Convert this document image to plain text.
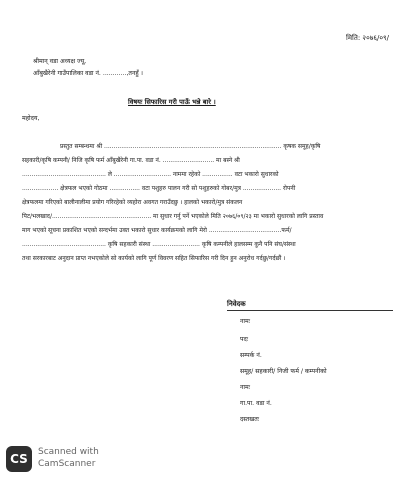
मिति: २०७६/०९/
श्रीमान् वडा अध्यक्ष ज्यू,
आँबुखैरेनी गाउँपालिका वडा नं. ............,तनहुँ ।
विषयः सिफारिस गरी पाऊँ भन्ने बारे ।
महोदय,
प्रस्तुत सम्बन्धमा श्री ............................................................................................. कृषक समूह/कृषि
सहकारी/कृषि कम्पनी/ निजि कृषि फर्म आँबुखैरेनी गा.पा. वडा नं. ........................... मा बस्ने श्री
............................................ ले .............................. नाममा रहेको ................ वटा भकारो सुधारको
................... क्षेत्रफल भएको गोठमा ................ वटा पशुहरु पालन गरी सो पशुहरुको गोबर/मुत्र .................... रोपनी
क्षेत्रफलमा गरिएको बालीनालीमा प्रयोग गरिरहेको व्यहोरा अवगत गराउँदछु । हालको भकारो/मुत्र संकलन
पिट/भलखाद/.................................................... मा सुधार गर्नु पर्ने भएकोले मिति २०७६/०९/२३ मा भकारो सुधारको लागि प्रस्ताव
माग भएको सूचना प्रकाशित भएको सन्दर्भमा उक्त भकारो सुधार कार्यक्रमको लागि मेरो ......................................फर्म/
............................................ कृषि सहकारी संस्था ......................... कृषि कम्पनीले हालसम्म कुनै पनि संघ/संस्था
तथा सरकारबाट अनुदान प्राप्त नभएकोले सो कार्यको लागि पूर्ण विवरण सहित सिफारिस गरी दिन हुन अनुरोध गर्दछु/गर्दछौं ।
निवेदक
नामः
पदः
सम्पर्क नं.
समूह/ सहकारी/ निजी फर्म / कम्पनीको
नामः
गा.पा. वडा नं.
दस्तखतः
CS	Scanned with
CamScanner
